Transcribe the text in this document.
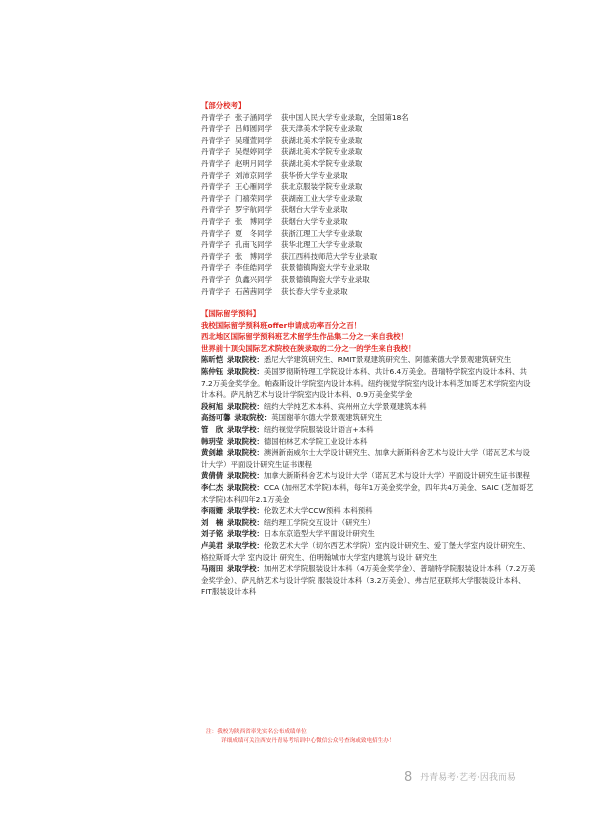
【部分校考】
丹青学子 张子涵同学 获中国人民大学专业录取，全国第18名
丹青学子 吕师圆同学 获天津美术学院专业录取
丹青学子 吴瑾萱同学 获湖北美术学院专业录取
丹青学子 吴煜婷同学 获湖北美术学院专业录取
丹青学子 赵明月同学 获湖北美术学院专业录取
丹青学子 刘沛京同学 获华侨大学专业录取
丹青学子 王心雁同学 获北京服装学院专业录取
丹青学子 门禧荣同学 获湖南工业大学专业录取
丹青学子 罗宇航同学 获烟台大学专业录取
丹青学子 张　博同学 获烟台大学专业录取
丹青学子 夏　冬同学 获浙江理工大学专业录取
丹青学子 孔南飞同学 获华北理工大学专业录取
丹青学子 张　博同学 获江西科技师范大学专业录取
丹青学子 李佳皓同学 获景德镇陶瓷大学专业录取
丹青学子 负鑫兴同学 获景德镇陶瓷大学专业录取
丹青学子 石茜茜同学 获长春大学专业录取
【国际留学预科】
我校国际留学预科班offer申请成功率百分之百！
西北地区国际留学预科班艺术留学生作品集二分之一来自我校！
世界前十顶尖国际艺术院校在陕录取的二分之一的学生来自我校！
陈昕恺  录取院校：悉尼大学建筑研究生、RMIT景观建筑研究生、阿德莱德大学景观建筑研究生
陈仲钰  录取院校：美国罗彻斯特理工学院设计本科、共计6.4万美金。普瑞特学院室内设计本科、共7.2万美金奖学金。帕森斯设计学院室内设计本科。纽约视觉学院室内设计本科芝加哥艺术学院室内设计本科。萨凡纳艺术与设计学院室内设计本科、0.9万美金奖学金
段柯旭  录取院校：纽约大学纯艺术本科、宾州州立大学景观建筑本科
高扬可馨  录取院校：英国谢菲尔德大学景观建筑研究生
管　欣  录取学校：纽约视觉学院服装设计语言+本科
韩玥莹  录取院校：德国柏林艺术学院工业设计本科
黄剑雄  录取院校：澳洲新南威尔士大学设计研究生、加拿大新斯科舍艺术与设计大学（诺瓦艺术与设计大学）平面设计研究生证书课程
黄倩倩  录取院校：加拿大新斯科舍艺术与设计大学（诺瓦艺术与设计大学）平面设计研究生证书课程
李仁杰  录取院校：CCA (加州艺术学院)本科，每年1万美金奖学金，四年共4万美金、SAIC (芝加哥艺术学院)本科四年2.1万美金
李雨姗  录取学校：伦敦艺术大学CCW预科 本科预科
刘　楠  录取院校：纽约理工学院交互设计（研究生）
刘子铭  录取学校：日本东京造型大学平面设计研究生
卢美君  录取学校：伦敦艺术大学（切尔西艺术学院）室内设计研究生、爱丁堡大学室内设计研究生、格拉斯哥大学 室内设计 研究生、伯明翰城市大学室内建筑与设计 研究生
马雨田  录取学校：加州艺术学院服装设计本科（4万美金奖学金）、普瑞特学院服装设计本科（7.2万美金奖学金）、萨凡纳艺术与设计学院 服装设计本科（3.2万美金）、弗吉尼亚联邦大学服装设计本科、FIT服装设计本科
注：我校为陕西省率先实名公布成绩单位
详细成绩可关注西安丹青易考培训中心微信公众号查询或致电招生办！
8 丹青易考·艺考·因我而易
